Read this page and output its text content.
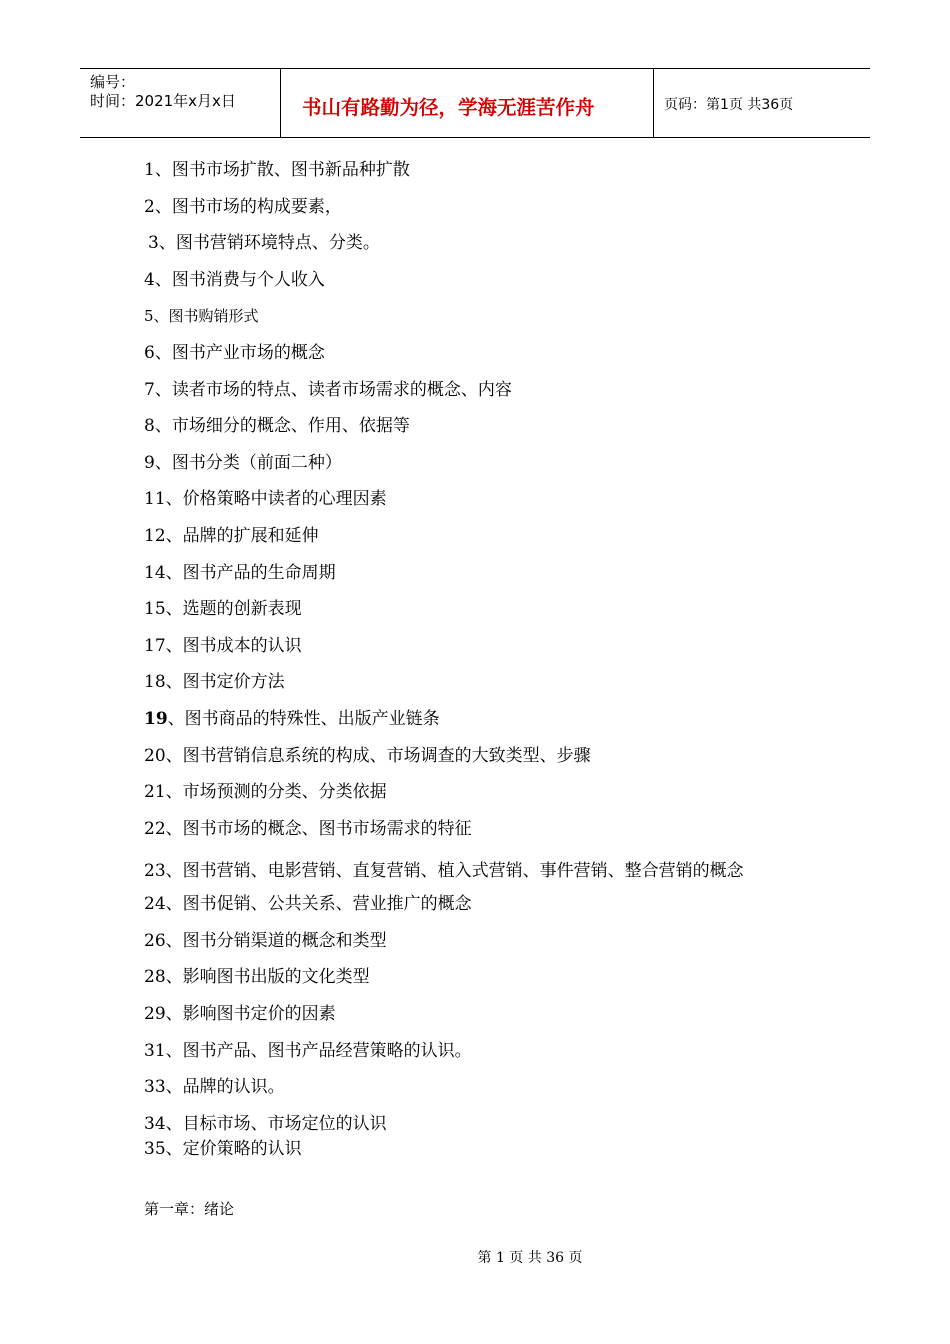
编号：
时间：2021年x月x日	书山有路勤为径，学海无涯苦作舟	页码：第1页 共36页
1、图书市场扩散、图书新品种扩散
2、图书市场的构成要素，
3、图书营销环境特点、分类。
4、图书消费与个人收入
5、图书购销形式
6、图书产业市场的概念
7、读者市场的特点、读者市场需求的概念、内容
8、市场细分的概念、作用、依据等
9、图书分类（前面二种）
11、价格策略中读者的心理因素
12、品牌的扩展和延伸
14、图书产品的生命周期
15、选题的创新表现
17、图书成本的认识
18、图书定价方法
19、图书商品的特殊性、出版产业链条
20、图书营销信息系统的构成、市场调查的大致类型、步骤
21、市场预测的分类、分类依据
22、图书市场的概念、图书市场需求的特征
23、图书营销、电影营销、直复营销、植入式营销、事件营销、整合营销的概念
24、图书促销、公共关系、营业推广的概念
26、图书分销渠道的概念和类型
28、影响图书出版的文化类型
29、影响图书定价的因素
31、图书产品、图书产品经营策略的认识。
33、品牌的认识。
34、目标市场、市场定位的认识
35、定价策略的认识
第一章：绪论
第 1 页 共 36 页
